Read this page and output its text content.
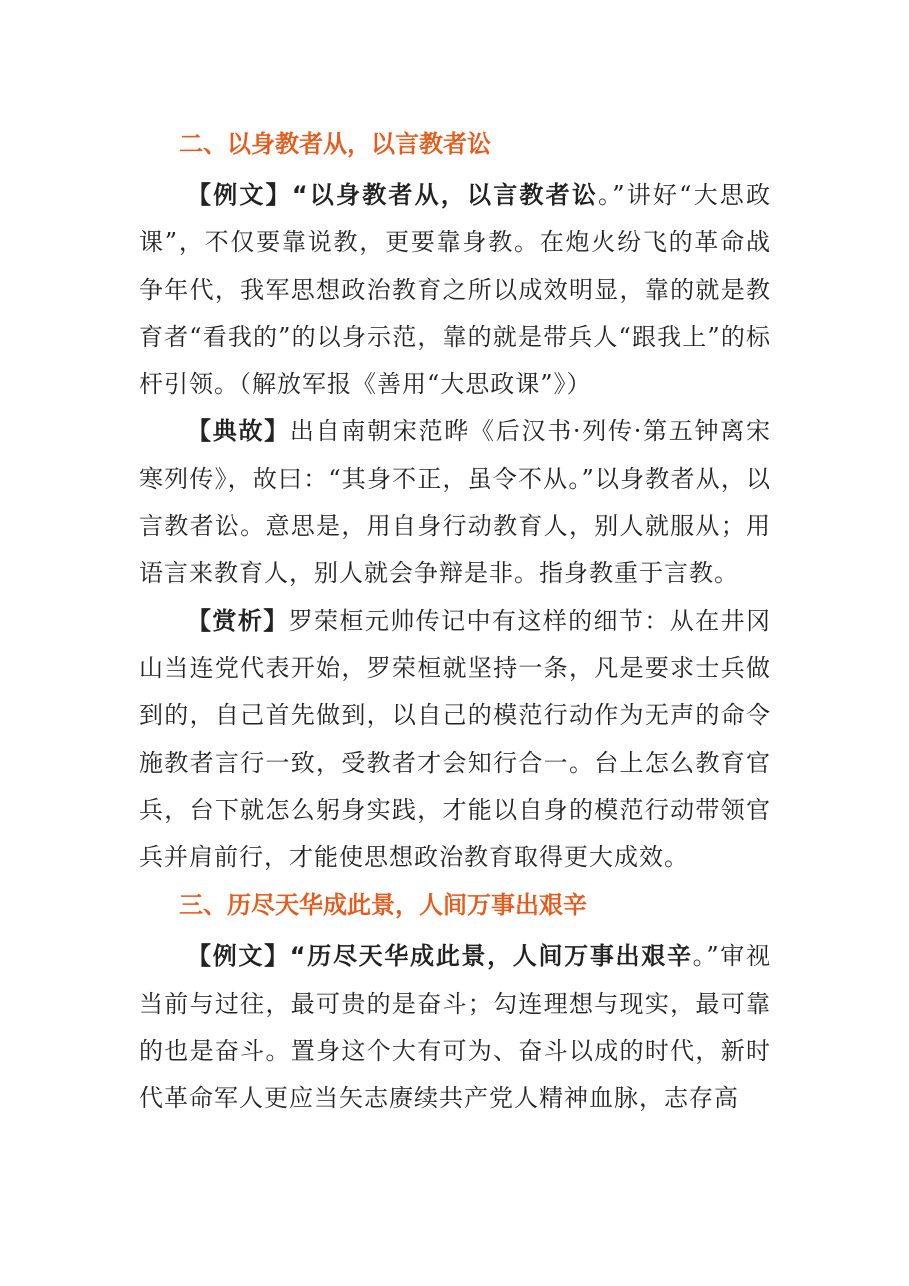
二、以身教者从，以言教者讼

【例文】“以身教者从，以言教者讼。”讲好“大思政课”，不仅要靠说教，更要靠身教。在炮火纷飞的革命战争年代，我军思想政治教育之所以成效明显，靠的就是教育者“看我的”的以身示范，靠的就是带兵人“跟我上”的标杆引领。（解放军报《善用“大思政课”》）

【典故】出自南朝宋范晔《后汉书·列传·第五钟离宋寒列传》，故曰：“其身不正，虽令不从。”以身教者从，以言教者讼。意思是，用自身行动教育人，别人就服从；用语言来教育人，别人就会争辩是非。指身教重于言教。

【赏析】罗荣桓元帅传记中有这样的细节：从在井冈山当连党代表开始，罗荣桓就坚持一条，凡是要求士兵做到的，自己首先做到，以自己的模范行动作为无声的命令施教者言行一致，受教者才会知行合一。台上怎么教育官兵，台下就怎么躬身实践，才能以自身的模范行动带领官兵并肩前行，才能使思想政治教育取得更大成效。

三、历尽天华成此景，人间万事出艰辛

【例文】“历尽天华成此景，人间万事出艰辛。”审视当前与过往，最可贵的是奋斗；勾连理想与现实，最可靠的也是奋斗。置身这个大有可为、奋斗以成的时代，新时代革命军人更应当矢志赓续共产党人精神血脉，志存高
